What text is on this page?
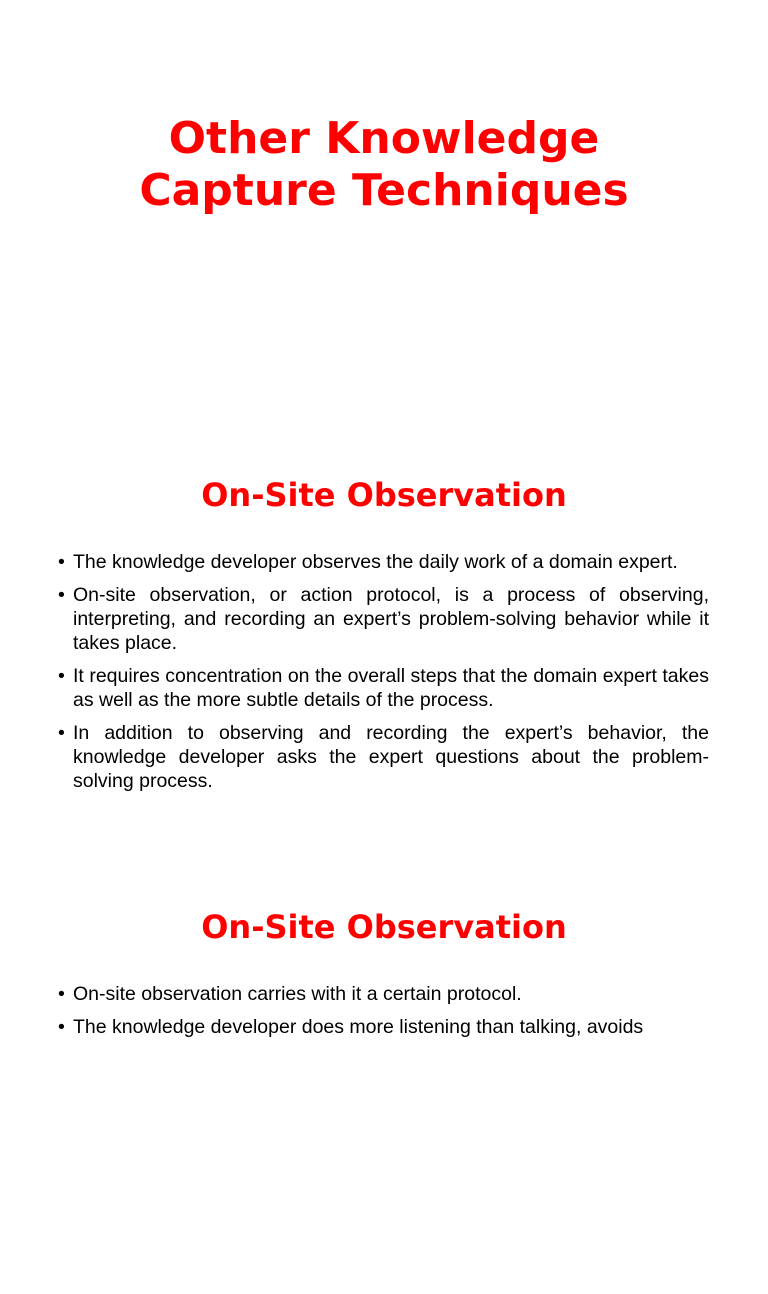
Other Knowledge
Capture Techniques
On-Site Observation
• The knowledge developer observes the daily work of a domain expert.
• On-site observation, or action protocol, is a process of observing, interpreting, and recording an expert’s problem-solving behavior while it takes place.
• It requires concentration on the overall steps that the domain expert takes as well as the more subtle details of the process.
• In addition to observing and recording the expert’s behavior, the knowledge developer asks the expert questions about the problem-solving process.
On-Site Observation
• On-site observation carries with it a certain protocol.
• The knowledge developer does more listening than talking, avoids
